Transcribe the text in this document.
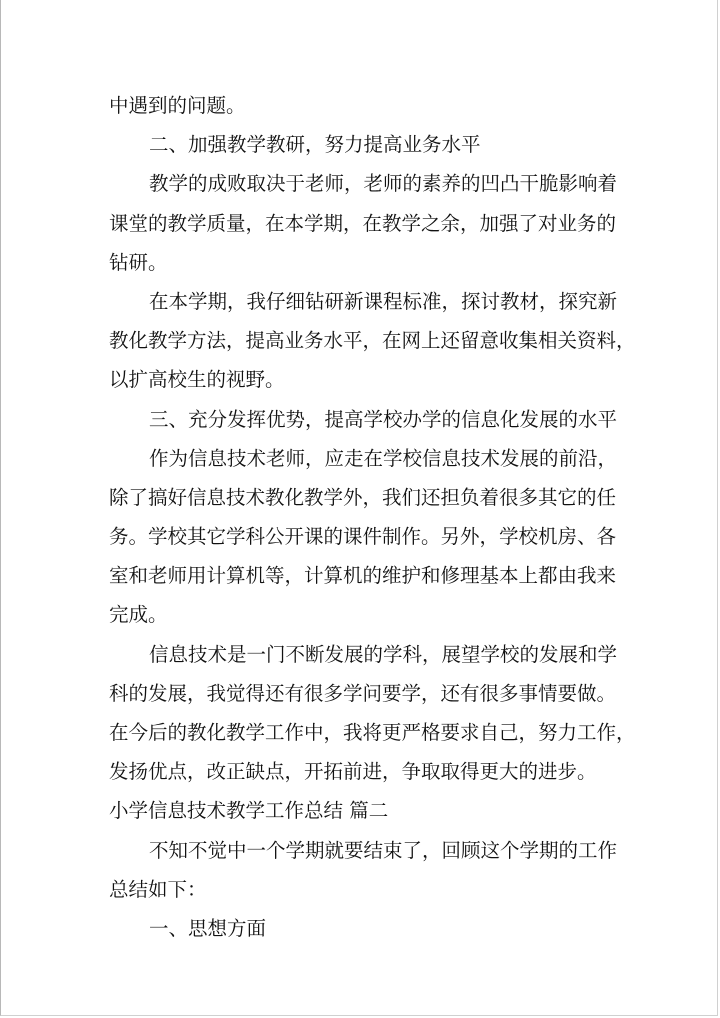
中遇到的问题。
二、加强教学教研，努力提高业务水平
教学的成败取决于老师，老师的素养的凹凸干脆影响着
课堂的教学质量，在本学期，在教学之余，加强了对业务的
钻研。
在本学期，我仔细钻研新课程标准，探讨教材，探究新
教化教学方法，提高业务水平，在网上还留意收集相关资料，
以扩高校生的视野。
三、充分发挥优势，提高学校办学的信息化发展的水平
作为信息技术老师，应走在学校信息技术发展的前沿，
除了搞好信息技术教化教学外，我们还担负着很多其它的任
务。学校其它学科公开课的课件制作。另外，学校机房、各
室和老师用计算机等，计算机的维护和修理基本上都由我来
完成。
信息技术是一门不断发展的学科，展望学校的发展和学
科的发展，我觉得还有很多学问要学，还有很多事情要做。
在今后的教化教学工作中，我将更严格要求自己，努力工作，
发扬优点，改正缺点，开拓前进，争取取得更大的进步。
小学信息技术教学工作总结 篇二
不知不觉中一个学期就要结束了，回顾这个学期的工作
总结如下：
一、思想方面
